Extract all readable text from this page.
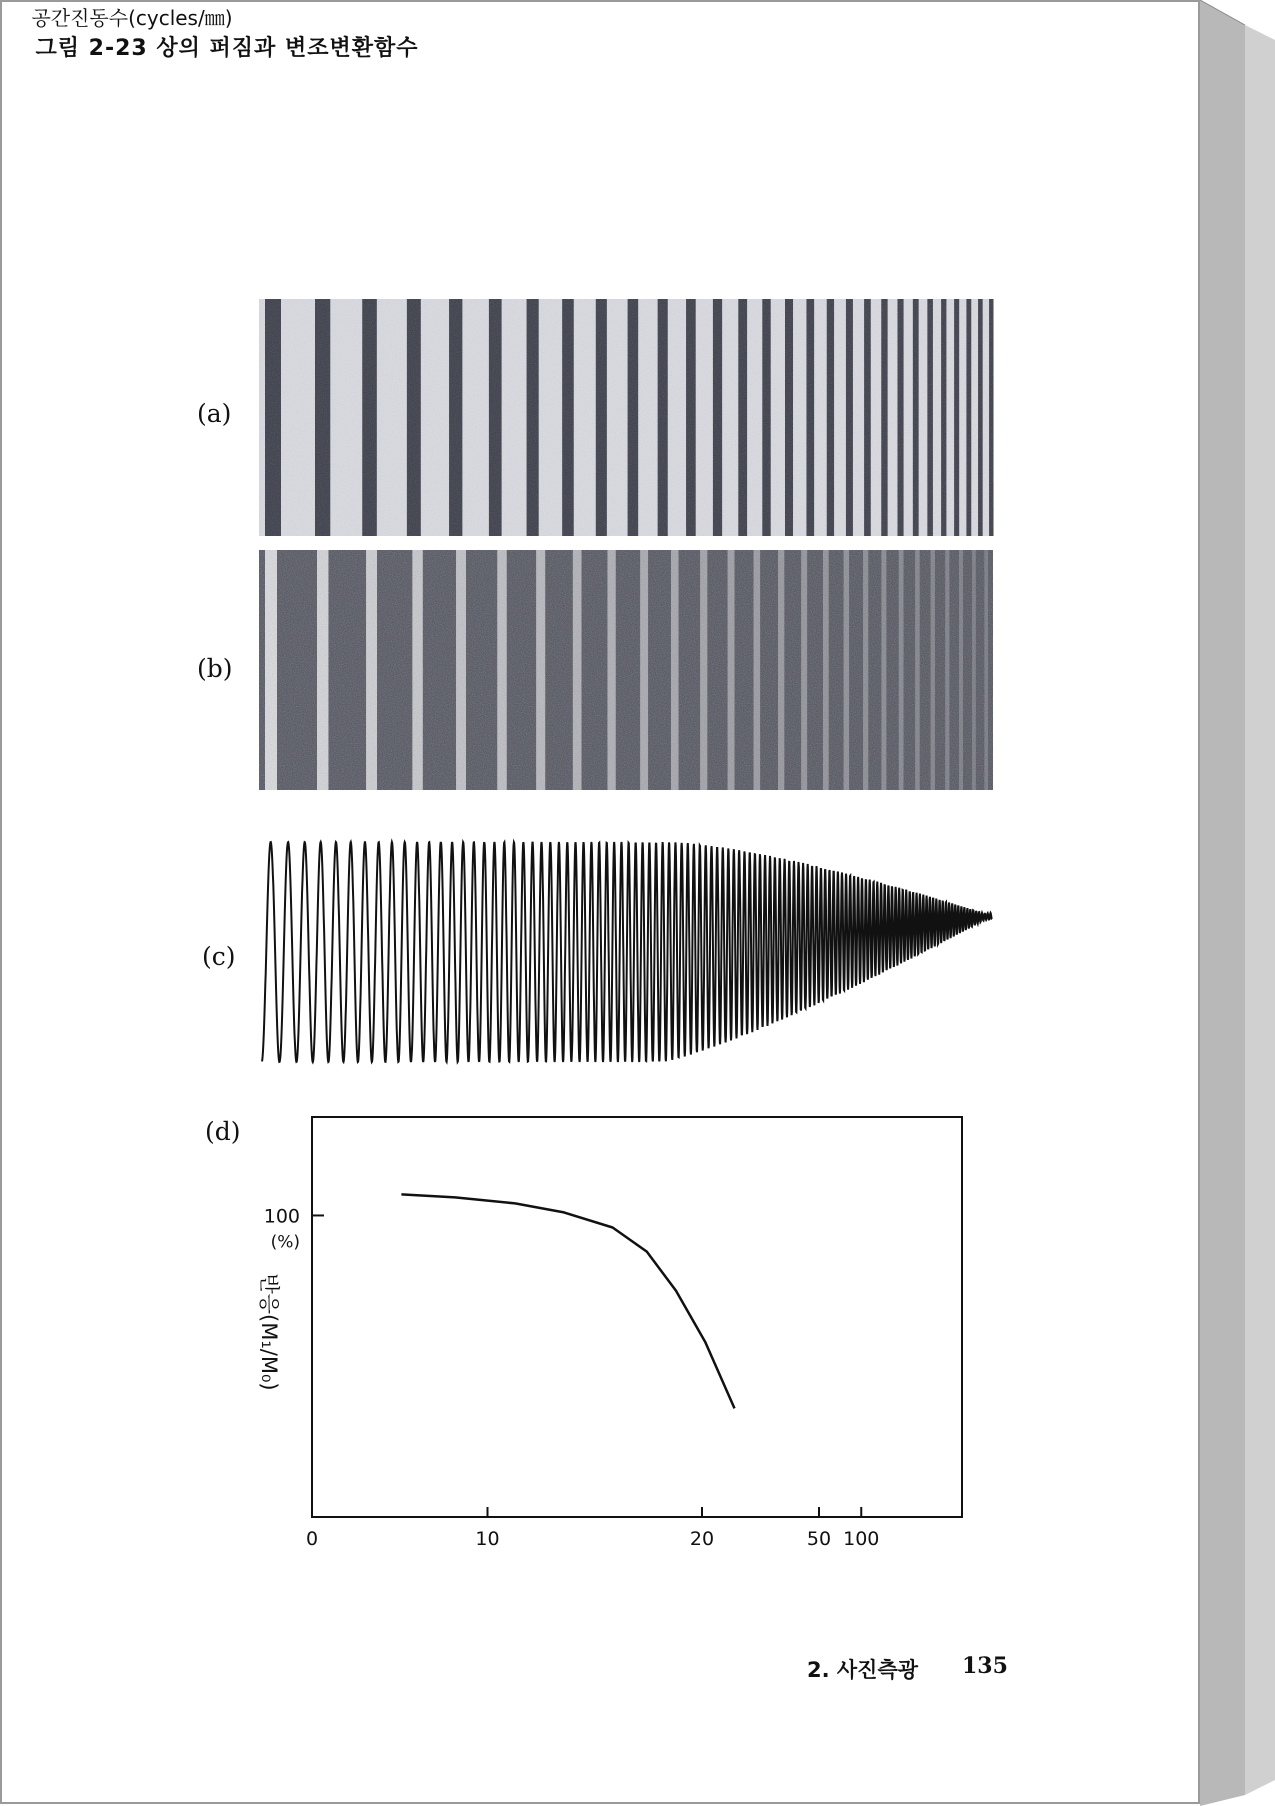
(a)
(b)
(c)
(d)
0	10	20	50 100
100
(%)
반응(M₁/M₀)
공간진동수(cycles/㎜)
그림 2-23 상의 퍼짐과 변조변환함수
2. 사진측광 135
